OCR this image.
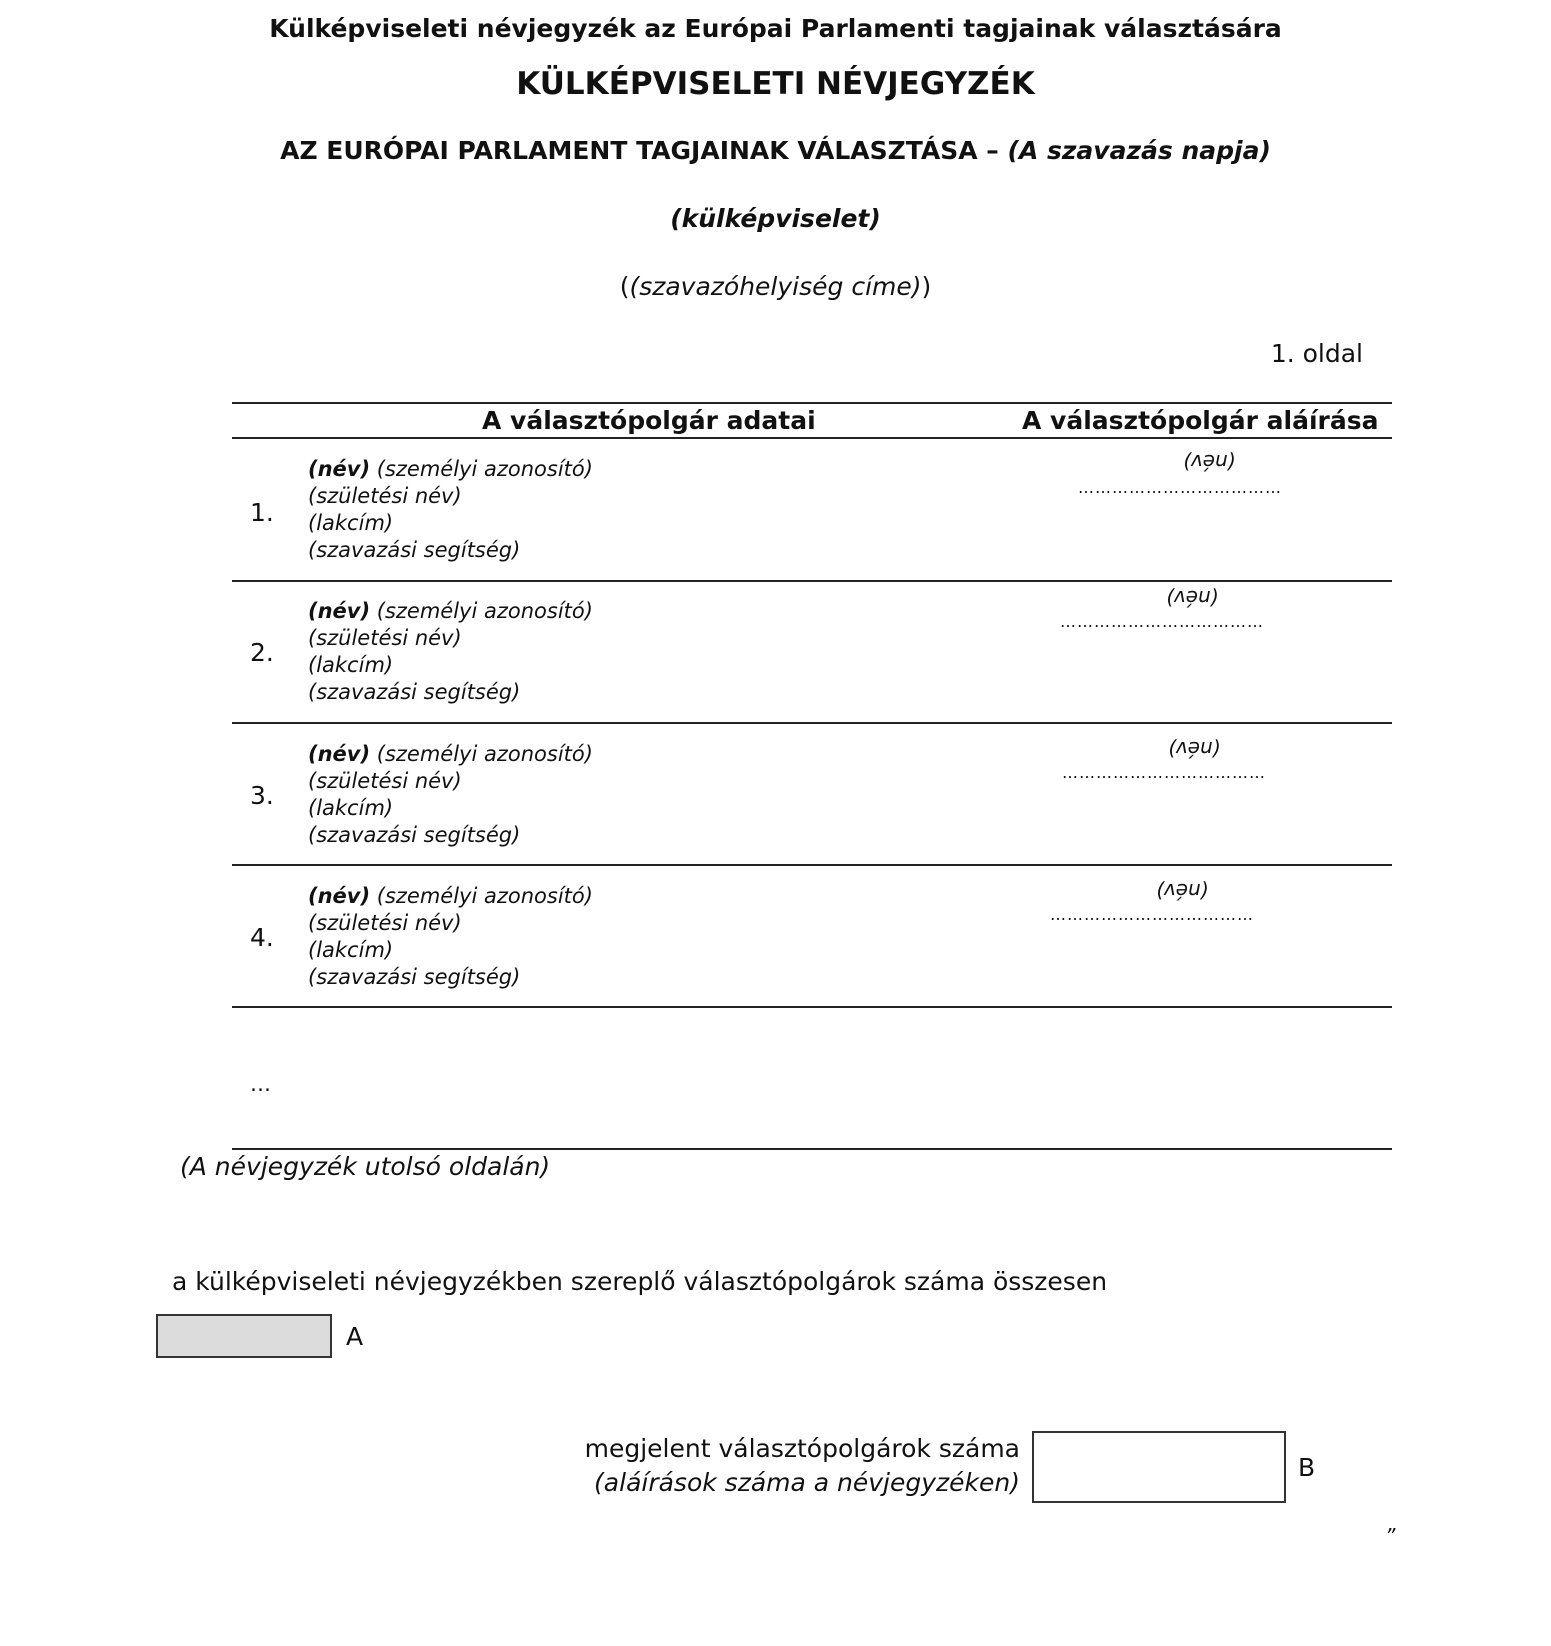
Külképviseleti névjegyzék az Európai Parlamenti tagjainak választására
KÜLKÉPVISELETI NÉVJEGYZÉK
AZ EURÓPAI PARLAMENT TAGJAINAK VÁLASZTÁSA – (A szavazás napja)
(külképviselet)
((szavazóhelyiség címe))
1. oldal
A választópolgár adatai	A választópolgár aláírása
1.
(név) (személyi azonosító)
(születési név)
(lakcím)
(szavazási segítség)
(név)
………………………………
2.
(név) (személyi azonosító)
(születési név)
(lakcím)
(szavazási segítség)
(név)
………………………………
3.
(név) (személyi azonosító)
(születési név)
(lakcím)
(szavazási segítség)
(név)
………………………………
4.
(név) (személyi azonosító)
(születési név)
(lakcím)
(szavazási segítség)
(név)
………………………………
…
(A névjegyzék utolsó oldalán)
a külképviseleti névjegyzékben szereplő választópolgárok száma összesen
A
megjelent választópolgárok száma
(aláírások száma a névjegyzéken)
B
”
